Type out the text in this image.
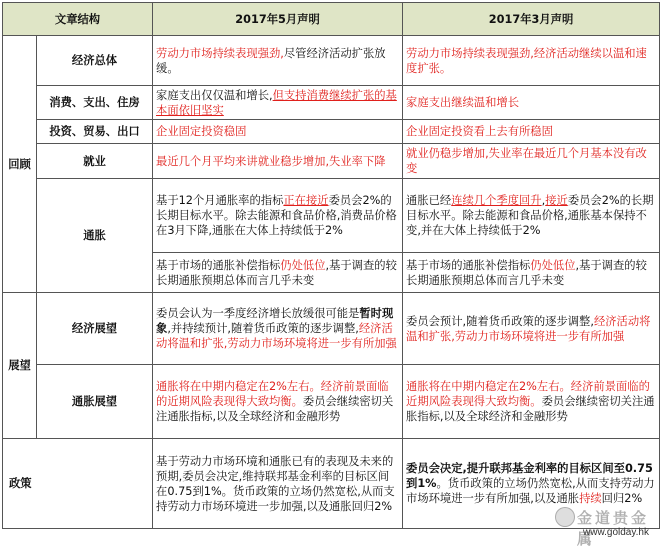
文章结构		2017年5月声明	2017年3月声明
回顾	经济总体	劳动力市场持续表现强劲,尽管经济活动扩张放缓。	劳动力市场持续表现强劲,经济活动继续以温和速度扩张。
	消费、支出、住房	家庭支出仅仅温和增长,但支持消费继续扩张的基本面依旧坚实	家庭支出继续温和增长
	投资、贸易、出口	企业固定投资稳固	企业固定投资看上去有所稳固
	就业	最近几个月平均来讲就业稳步增加,失业率下降	就业仍稳步增加,失业率在最近几个月基本没有改变
	通胀	基于12个月通胀率的指标正在接近委员会2%的长期目标水平。除去能源和食品价格,消费品价格在3月下降,通胀在大体上持续低于2%	通胀已经连续几个季度回升,接近委员会2%的长期目标水平。除去能源和食品价格,通胀基本保持不变,并在大体上持续低于2%
		基于市场的通胀补偿指标仍处低位,基于调查的较长期通胀预期总体而言几乎未变	基于市场的通胀补偿指标仍处低位,基于调查的较长期通胀预期总体而言几乎未变
展望	经济展望	委员会认为一季度经济增长放缓很可能是暂时现象,并持续预计,随着货币政策的逐步调整,经济活动将温和扩张,劳动力市场环境将进一步有所加强	委员会预计,随着货币政策的逐步调整,经济活动将温和扩张,劳动力市场环境将进一步有所加强
	通胀展望	通胀将在中期内稳定在2%左右。经济前景面临的近期风险表现得大致均衡。委员会继续密切关注通胀指标,以及全球经济和金融形势	通胀将在中期内稳定在2%左右。经济前景面临的近期风险表现得大致均衡。委员会继续密切关注通胀指标,以及全球经济和金融形势
政策		基于劳动力市场环境和通胀已有的表现及未来的预期,委员会决定,维持联邦基金利率的目标区间在0.75到1%。货币政策的立场仍然宽松,从而支持劳动力市场环境进一步加强,以及通胀回归2%	委员会决定,提升联邦基金利率的目标区间至0.75到1%。货币政策的立场仍然宽松,从而支持劳动力市场环境进一步有所加强,以及通胀持续回归2%
金道贵金属
www.golday.hk
